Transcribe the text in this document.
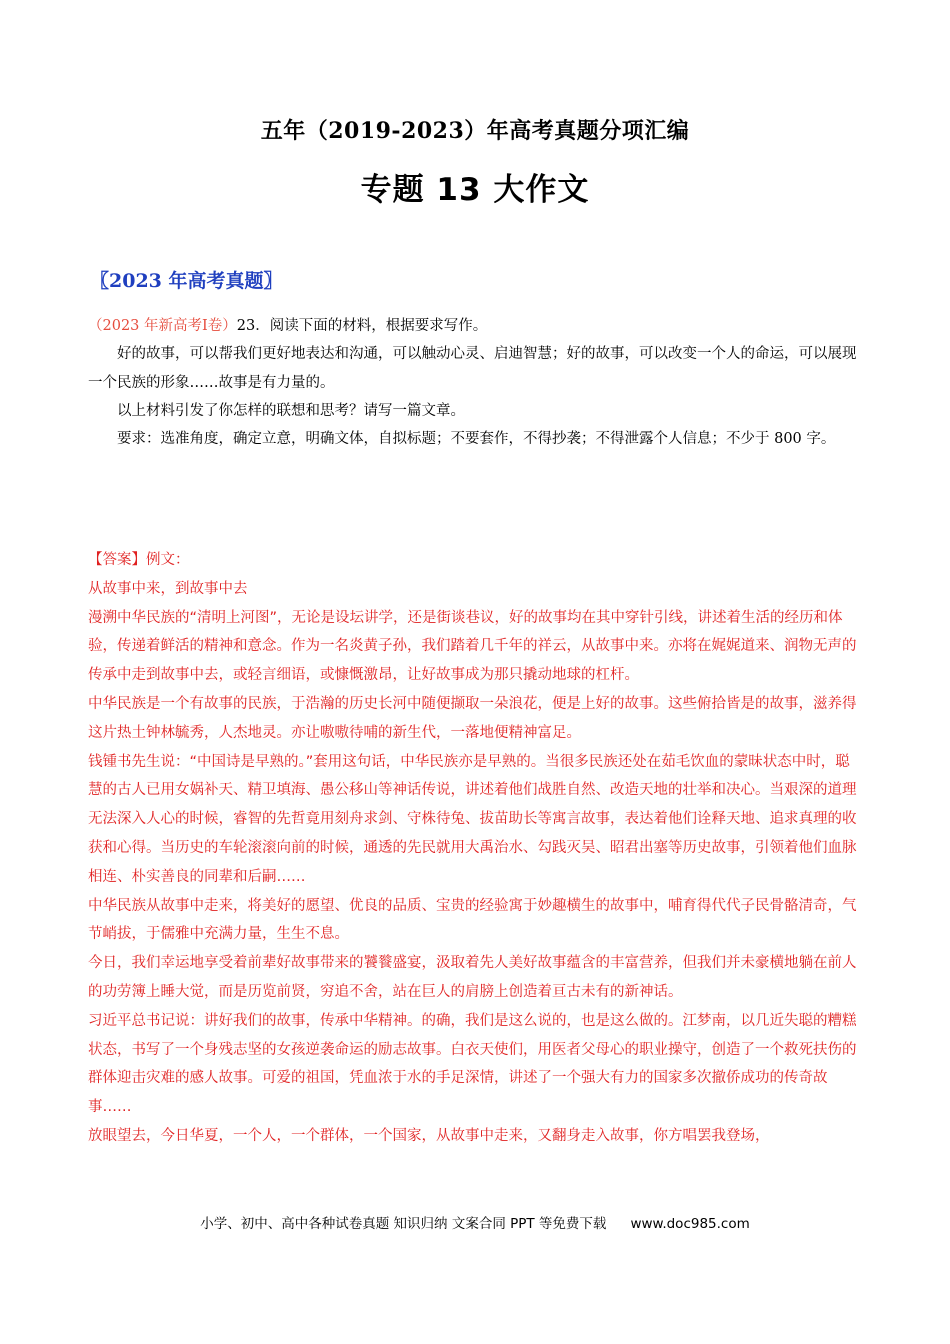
五年（2019-2023）年高考真题分项汇编
专题 13 大作文
〖2023 年高考真题〗
（2023 年新高考Ⅰ卷）23．阅读下面的材料，根据要求写作。
好的故事，可以帮我们更好地表达和沟通，可以触动心灵、启迪智慧；好的故事，可以改变一个人的命运，可以展现一个民族的形象……故事是有力量的。
以上材料引发了你怎样的联想和思考？请写一篇文章。
要求：选准角度，确定立意，明确文体，自拟标题；不要套作，不得抄袭；不得泄露个人信息；不少于 800 字。

【答案】例文：

从故事中来，到故事中去

漫溯中华民族的“清明上河图”，无论是设坛讲学，还是街谈巷议，好的故事均在其中穿针引线，讲述着生活的经历和体验，传递着鲜活的精神和意念。作为一名炎黄子孙，我们踏着几千年的祥云，从故事中来。亦将在娓娓道来、润物无声的传承中走到故事中去，或轻言细语，或慷慨激昂，让好故事成为那只撬动地球的杠杆。

中华民族是一个有故事的民族，于浩瀚的历史长河中随便撷取一朵浪花，便是上好的故事。这些俯拾皆是的故事，滋养得这片热土钟林毓秀，人杰地灵。亦让嗷嗷待哺的新生代，一落地便精神富足。

钱锺书先生说：“中国诗是早熟的。”套用这句话，中华民族亦是早熟的。当很多民族还处在茹毛饮血的蒙昧状态中时，聪慧的古人已用女娲补天、精卫填海、愚公移山等神话传说，讲述着他们战胜自然、改造天地的壮举和决心。当艰深的道理无法深入人心的时候，睿智的先哲竟用刻舟求剑、守株待兔、拔苗助长等寓言故事，表达着他们诠释天地、追求真理的收获和心得。当历史的车轮滚滚向前的时候，通透的先民就用大禹治水、勾践灭吴、昭君出塞等历史故事，引领着他们血脉相连、朴实善良的同辈和后嗣……

中华民族从故事中走来，将美好的愿望、优良的品质、宝贵的经验寓于妙趣横生的故事中，哺育得代代子民骨骼清奇，气节峭拔，于儒雅中充满力量，生生不息。

今日，我们幸运地享受着前辈好故事带来的饕餮盛宴，汲取着先人美好故事蕴含的丰富营养，但我们并未豪横地躺在前人的功劳簿上睡大觉，而是历览前贤，穷追不舍，站在巨人的肩膀上创造着亘古未有的新神话。

习近平总书记说：讲好我们的故事，传承中华精神。的确，我们是这么说的，也是这么做的。江梦南，以几近失聪的糟糕状态，书写了一个身残志坚的女孩逆袭命运的励志故事。白衣天使们，用医者父母心的职业操守，创造了一个救死扶伤的群体迎击灾难的感人故事。可爱的祖国，凭血浓于水的手足深情，讲述了一个强大有力的国家多次撤侨成功的传奇故事……

放眼望去，今日华夏，一个人，一个群体，一个国家，从故事中走来，又翻身走入故事，你方唱罢我登场，

小学、初中、高中各种试卷真题 知识归纳 文案合同 PPT 等免费下载 www.doc985.com
